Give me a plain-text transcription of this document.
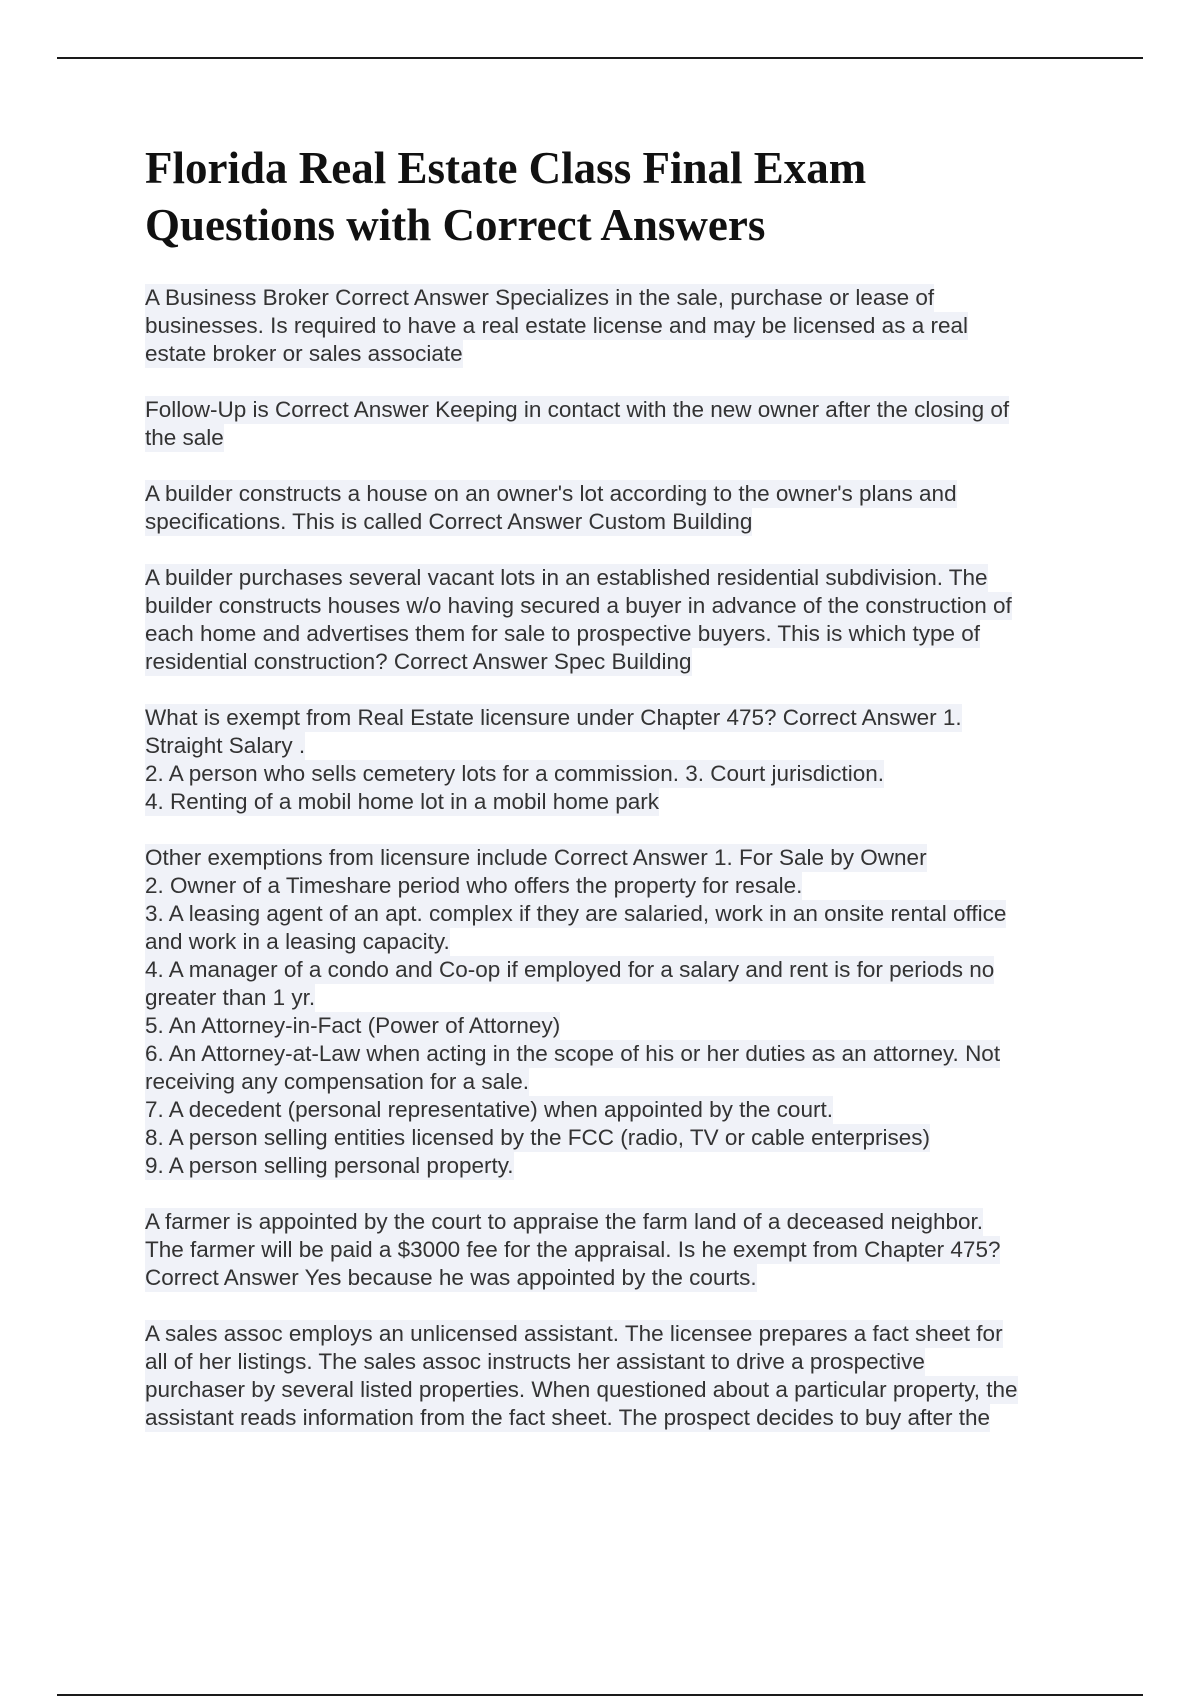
Florida Real Estate Class Final Exam
Questions with Correct Answers
A Business Broker Correct Answer Specializes in the sale, purchase or lease of
businesses. Is required to have a real estate license and may be licensed as a real
estate broker or sales associate
Follow-Up is Correct Answer Keeping in contact with the new owner after the closing of
the sale
A builder constructs a house on an owner's lot according to the owner's plans and
specifications. This is called Correct Answer Custom Building
A builder purchases several vacant lots in an established residential subdivision. The
builder constructs houses w/o having secured a buyer in advance of the construction of
each home and advertises them for sale to prospective buyers. This is which type of
residential construction? Correct Answer Spec Building
What is exempt from Real Estate licensure under Chapter 475? Correct Answer 1.
Straight Salary .
2. A person who sells cemetery lots for a commission. 3. Court jurisdiction.
4. Renting of a mobil home lot in a mobil home park
Other exemptions from licensure include Correct Answer 1. For Sale by Owner
2. Owner of a Timeshare period who offers the property for resale.
3. A leasing agent of an apt. complex if they are salaried, work in an onsite rental office
and work in a leasing capacity.
4. A manager of a condo and Co-op if employed for a salary and rent is for periods no
greater than 1 yr.
5. An Attorney-in-Fact (Power of Attorney)
6. An Attorney-at-Law when acting in the scope of his or her duties as an attorney. Not
receiving any compensation for a sale.
7. A decedent (personal representative) when appointed by the court.
8. A person selling entities licensed by the FCC (radio, TV or cable enterprises)
9. A person selling personal property.
A farmer is appointed by the court to appraise the farm land of a deceased neighbor.
The farmer will be paid a $3000 fee for the appraisal. Is he exempt from Chapter 475?
Correct Answer Yes because he was appointed by the courts.
A sales assoc employs an unlicensed assistant. The licensee prepares a fact sheet for
all of her listings. The sales assoc instructs her assistant to drive a prospective
purchaser by several listed properties. When questioned about a particular property, the
assistant reads information from the fact sheet. The prospect decides to buy after the
